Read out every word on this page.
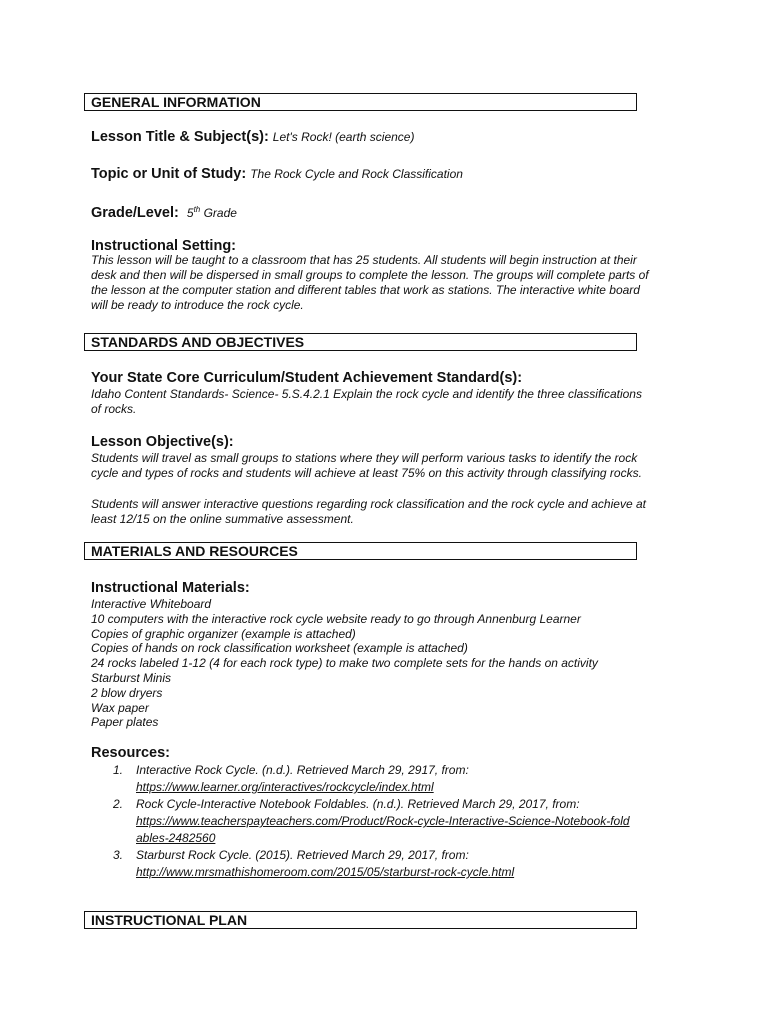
GENERAL INFORMATION
Lesson Title & Subject(s): Let's Rock! (earth science)
Topic or Unit of Study: The Rock Cycle and Rock Classification
Grade/Level: 5th Grade
Instructional Setting:
This lesson will be taught to a classroom that has 25 students. All students will begin instruction at their
desk and then will be dispersed in small groups to complete the lesson. The groups will complete parts of
the lesson at the computer station and different tables that work as stations. The interactive white board
will be ready to introduce the rock cycle.
STANDARDS AND OBJECTIVES
Your State Core Curriculum/Student Achievement Standard(s):
Idaho Content Standards- Science- 5.S.4.2.1 Explain the rock cycle and identify the three classifications
of rocks.
Lesson Objective(s):
Students will travel as small groups to stations where they will perform various tasks to identify the rock
cycle and types of rocks and students will achieve at least 75% on this activity through classifying rocks.
Students will answer interactive questions regarding rock classification and the rock cycle and achieve at
least 12/15 on the online summative assessment.
MATERIALS AND RESOURCES
Instructional Materials:
Interactive Whiteboard
10 computers with the interactive rock cycle website ready to go through Annenburg Learner
Copies of graphic organizer (example is attached)
Copies of hands on rock classification worksheet (example is attached)
24 rocks labeled 1-12 (4 for each rock type) to make two complete sets for the hands on activity
Starburst Minis
2 blow dryers
Wax paper
Paper plates
Resources:
1. Interactive Rock Cycle. (n.d.). Retrieved March 29, 2917, from:
https://www.learner.org/interactives/rockcycle/index.html
2. Rock Cycle-Interactive Notebook Foldables. (n.d.). Retrieved March 29, 2017, from:
https://www.teacherspayteachers.com/Product/Rock-cycle-Interactive-Science-Notebook-foldables-2482560
3. Starburst Rock Cycle. (2015). Retrieved March 29, 2017, from:
http://www.mrsmathishomeroom.com/2015/05/starburst-rock-cycle.html
INSTRUCTIONAL PLAN
